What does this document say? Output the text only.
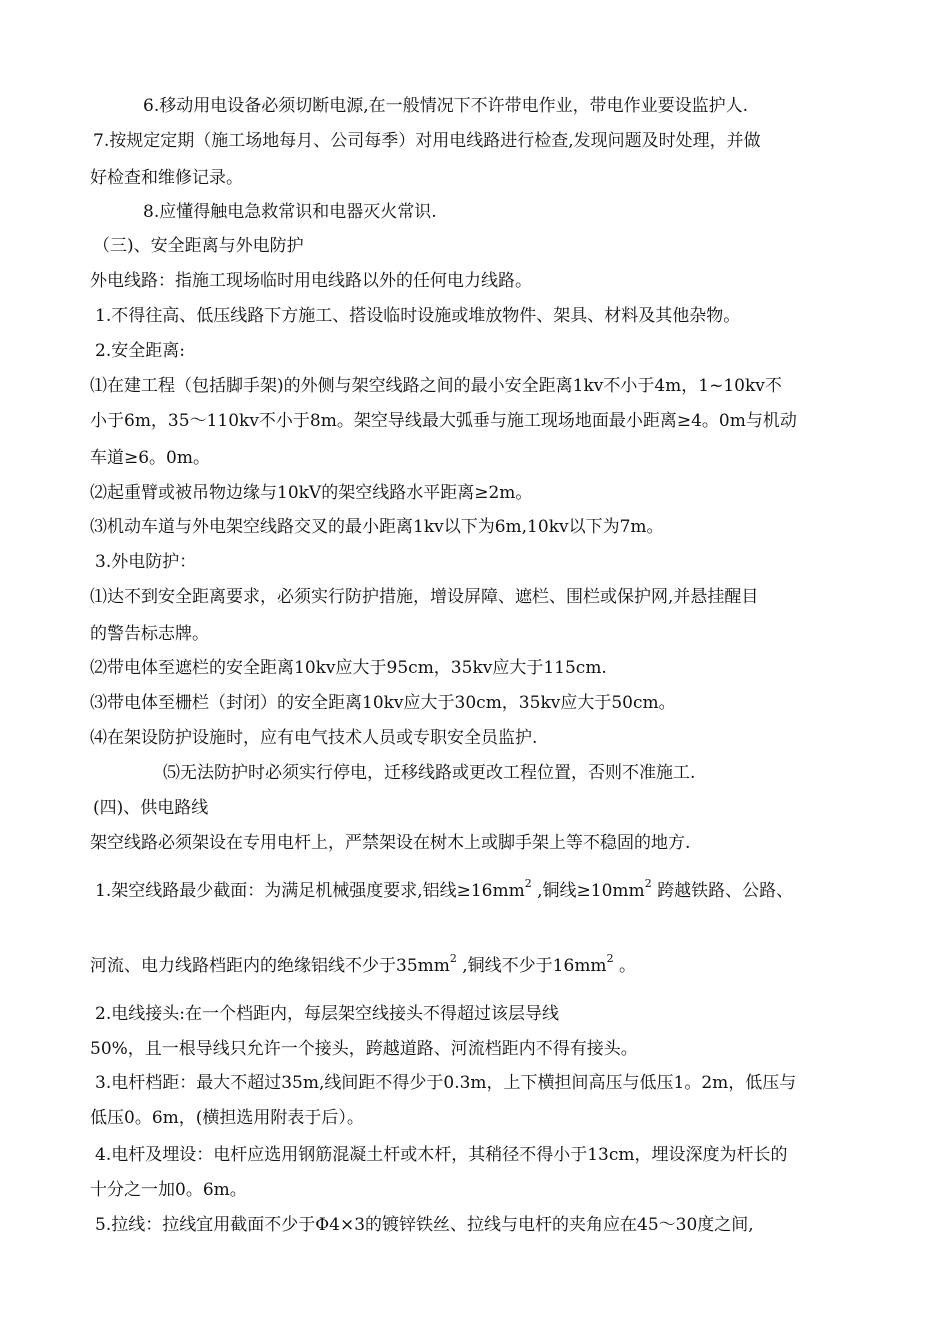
6.移动用电设备必须切断电源,在一般情况下不许带电作业，带电作业要设监护人.
7.按规定定期（施工场地每月、公司每季）对用电线路进行检查,发现问题及时处理，并做
好检查和维修记录。
8.应懂得触电急救常识和电器灭火常识.
（三)、安全距离与外电防护
外电线路：指施工现场临时用电线路以外的任何电力线路。
1.不得往高、低压线路下方施工、搭设临时设施或堆放物件、架具、材料及其他杂物。
2.安全距离:
⑴在建工程（包括脚手架)的外侧与架空线路之间的最小安全距离1kv不小于4m，1~10kv不
小于6m，35～110kv不小于8m。架空导线最大弧垂与施工现场地面最小距离≥4。0m与机动
车道≥6。0m。
⑵起重臂或被吊物边缘与10kV的架空线路水平距离≥2m。
⑶机动车道与外电架空线路交叉的最小距离1kv以下为6m,10kv以下为7m。
3.外电防护：
⑴达不到安全距离要求，必须实行防护措施，增设屏障、遮栏、围栏或保护网,并悬挂醒目
的警告标志牌。
⑵带电体至遮栏的安全距离10kv应大于95cm，35kv应大于115cm.
⑶带电体至栅栏（封闭）的安全距离10kv应大于30cm，35kv应大于50cm。
⑷在架设防护设施时，应有电气技术人员或专职安全员监护.
⑸无法防护时必须实行停电，迁移线路或更改工程位置，否则不准施工.
(四)、供电路线
架空线路必须架设在专用电杆上，严禁架设在树木上或脚手架上等不稳固的地方.
1.架空线路最少截面：为满足机械强度要求,铝线$\ge 16mm^2$ ,铜线$\ge 10mm^2$ 跨越铁路、公路、
河流、电力线路档距内的绝缘铝线不少于$35mm^2$ ,铜线不少于$16mm^2$ 。
2.电线接头:在一个档距内，每层架空线接头不得超过该层导线
50%，且一根导线只允许一个接头，跨越道路、河流档距内不得有接头。
3.电杆档距：最大不超过35m,线间距不得少于0.3m，上下横担间高压与低压1。2m，低压与
低压0。6m，(横担选用附表于后）。
4.电杆及埋设：电杆应选用钢筋混凝土杆或木杆，其稍径不得小于13cm，埋设深度为杆长的
十分之一加0。6m。
5.拉线：拉线宜用截面不少于Φ4×3的镀锌铁丝、拉线与电杆的夹角应在45～30度之间,
